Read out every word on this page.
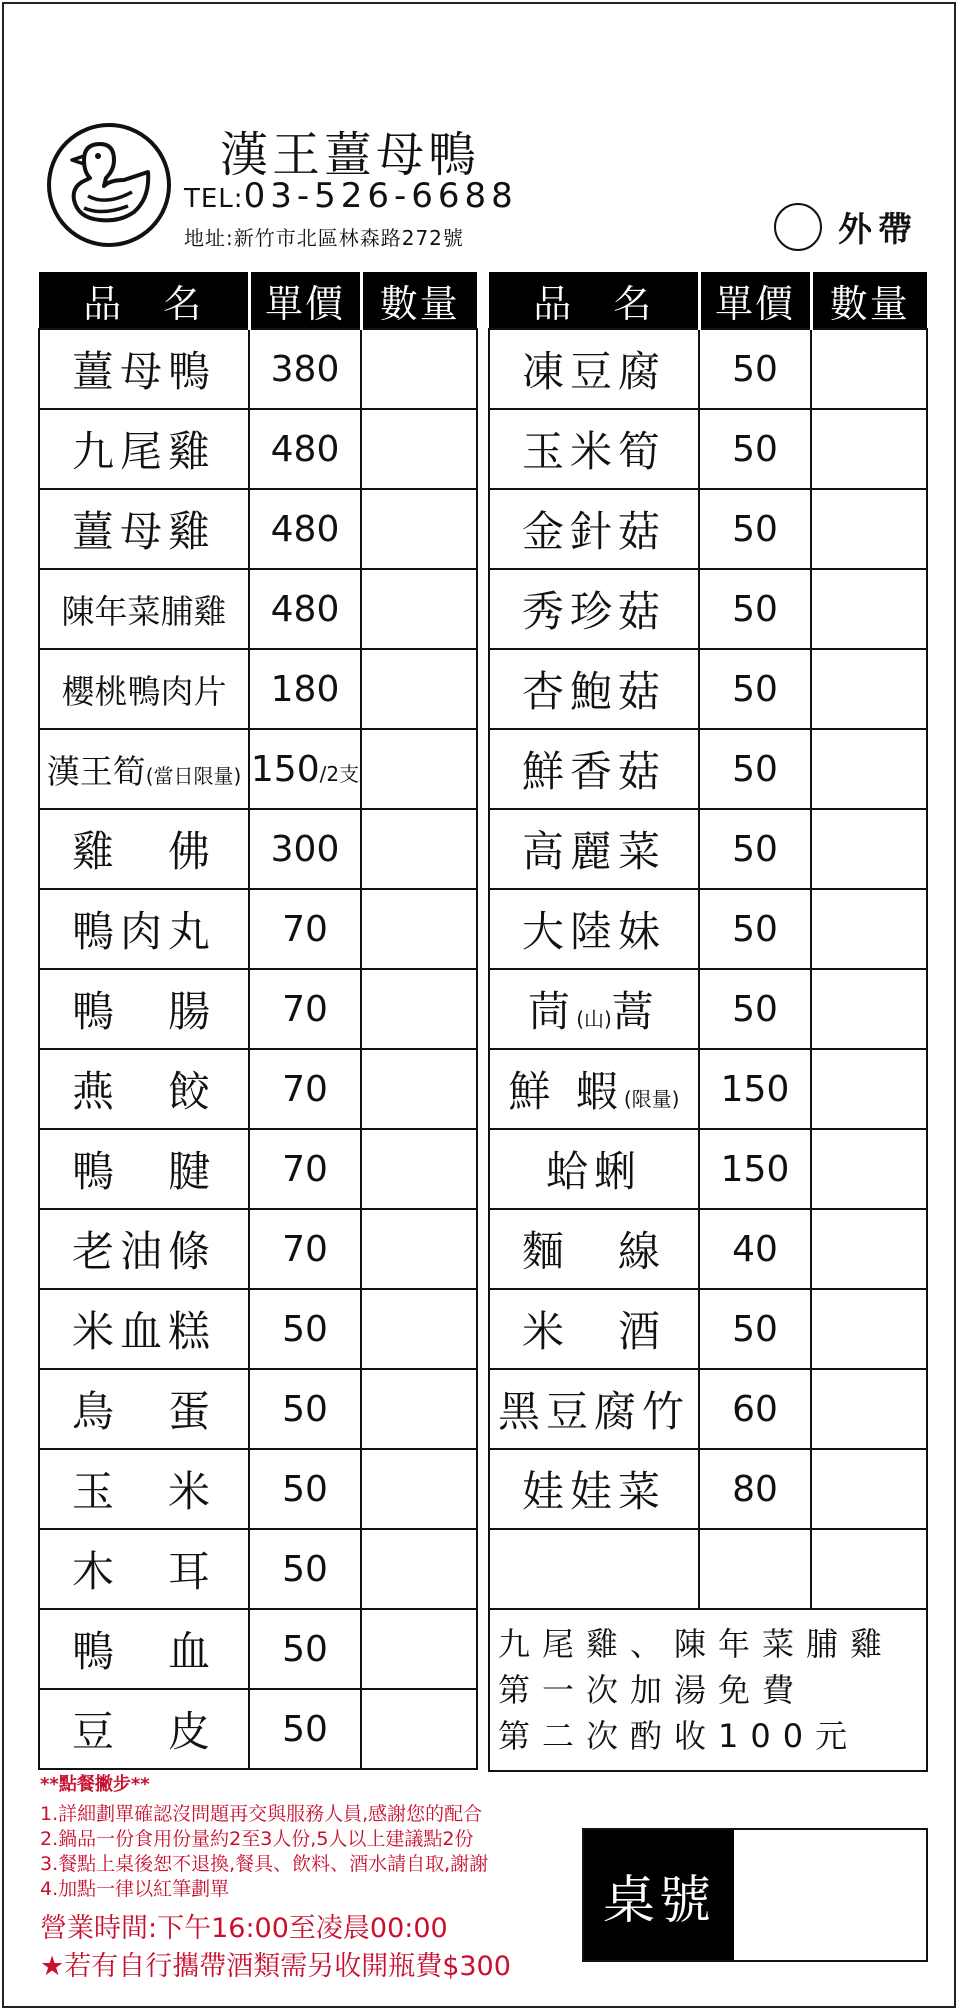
漢王薑母鴨
TEL:03-526-6688
地址:新竹市北區林森路272號	外帶
品　名	單價	數量
薑母鴨	380	
九尾雞	480	
薑母雞	480	
陳年菜脯雞	480	
櫻桃鴨肉片	180	
漢王筍(當日限量)	150/2支	
雞　佛	300	
鴨肉丸	70	
鴨　腸	70	
燕　餃	70	
鴨　腱	70	
老油條	70	
米血糕	50	
鳥　蛋	50	
玉　米	50	
木　耳	50	
鴨　血	50	
豆　皮	50	
品　名	單價	數量
凍豆腐	50	
玉米筍	50	
金針菇	50	
秀珍菇	50	
杏鮑菇	50	
鮮香菇	50	
高麗菜	50	
大陸妹	50	
茼(山)蒿	50	
鮮 蝦(限量)	150	
蛤蜊	150	
麵　線	40	
米　酒	50	
黑豆腐竹	60	
娃娃菜	80	

九尾雞、陳年菜脯雞
第一次加湯免費
第二次酌收100元		
**點餐撇步**
1.詳細劃單確認沒問題再交與服務人員,感謝您的配合
2.鍋品一份食用份量約2至3人份,5人以上建議點2份
3.餐點上桌後恕不退換,餐具、飲料、酒水請自取,謝謝
4.加點一律以紅筆劃單
營業時間:下午16:00至凌晨00:00
★若有自行攜帶酒類需另收開瓶費$300
桌號
